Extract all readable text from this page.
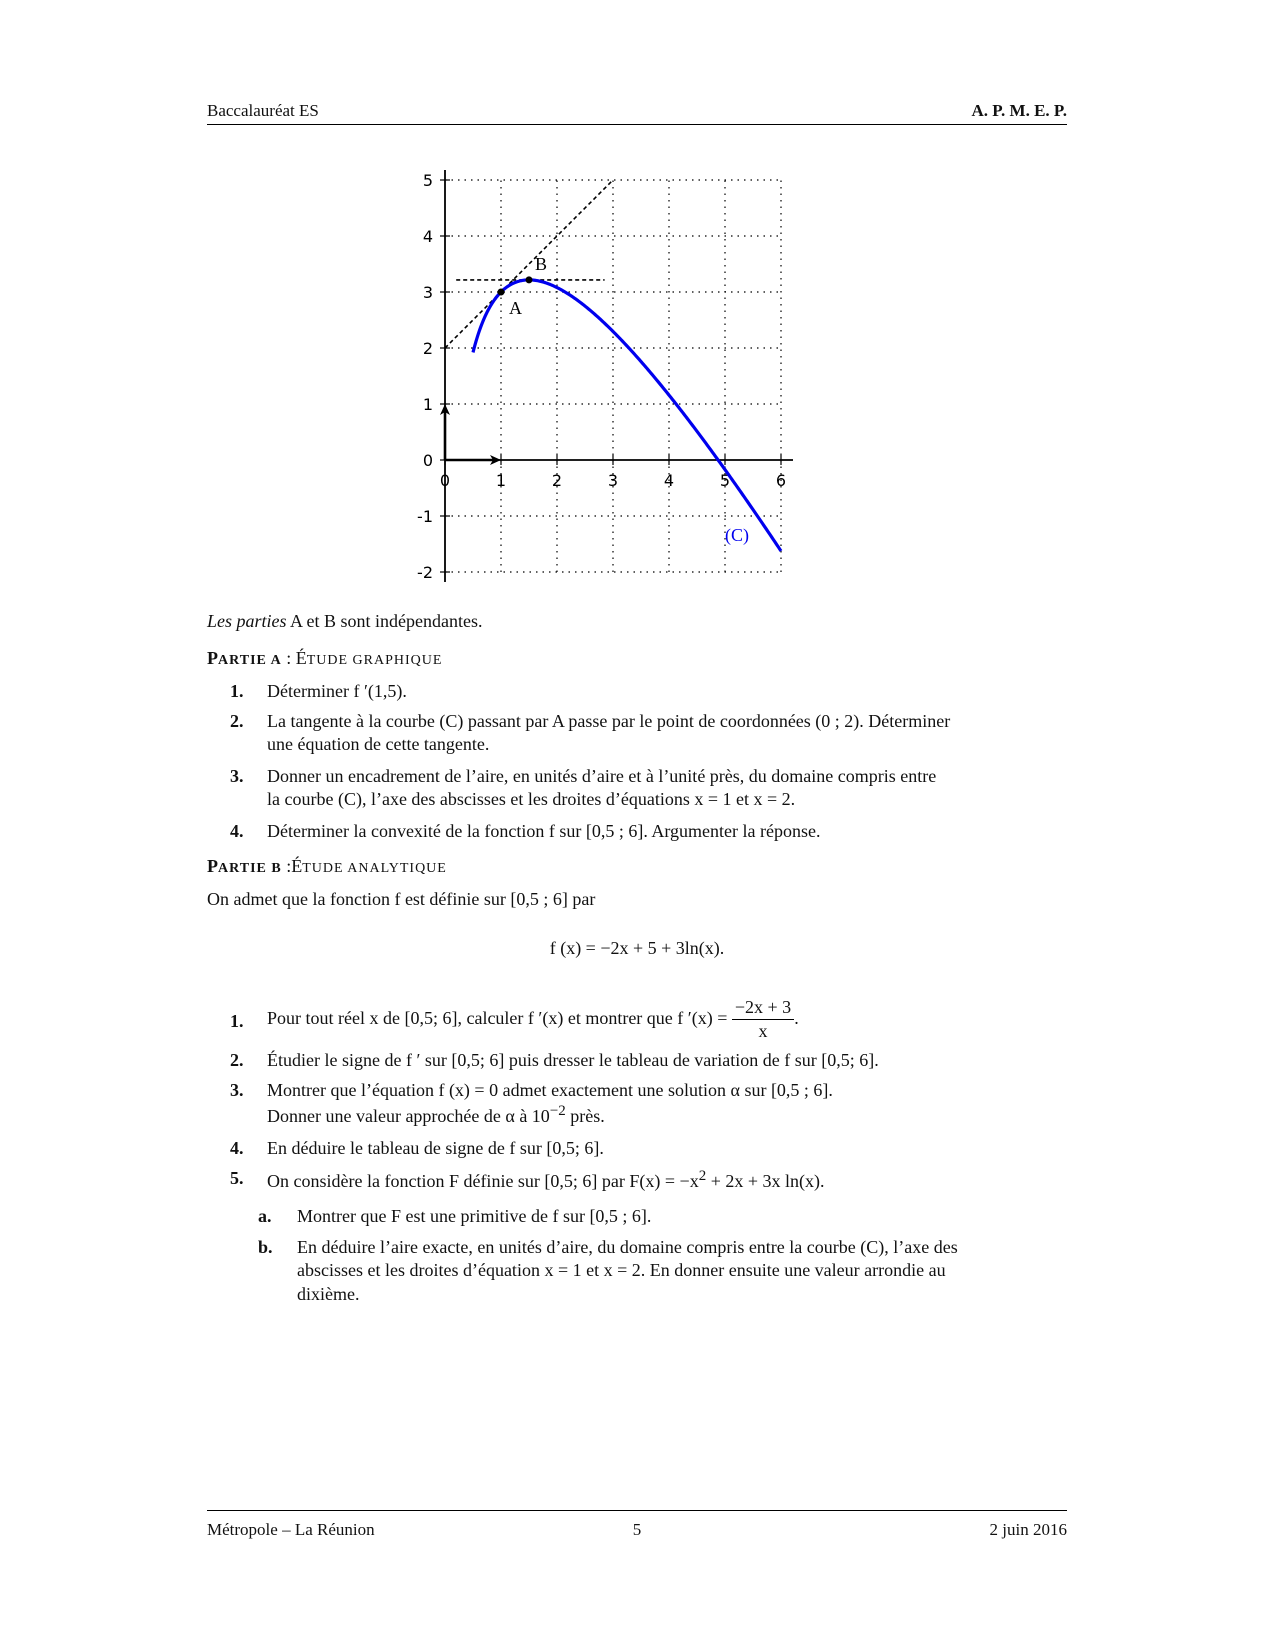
Baccalauréat ES	A. P. M. E. P.
0	1	2	3	4	5	6
-2
-1
0
1
2
3
4
5
A
B
(C)
Les parties A et B sont indépendantes.
PARTIE A : ÉTUDE GRAPHIQUE
1. Déterminer f ′(1,5).
2. La tangente à la courbe (C) passant par A passe par le point de coordonnées (0 ; 2). Déterminer
une équation de cette tangente.
3. Donner un encadrement de l’aire, en unités d’aire et à l’unité près, du domaine compris entre
la courbe (C), l’axe des abscisses et les droites d’équations x = 1 et x = 2.
4. Déterminer la convexité de la fonction f sur [0,5 ; 6]. Argumenter la réponse.
PARTIE B :ÉTUDE ANALYTIQUE
On admet que la fonction f est définie sur [0,5 ; 6] par
f (x) = −2x + 5 + 3ln(x).
1. Pour tout réel x de [0,5; 6], calculer f ′(x) et montrer que f $'(x) = \frac{-2x + 3}{x}$ .
2. Étudier le signe de f ′ sur [0,5; 6] puis dresser le tableau de variation de f sur [0,5; 6].
3. Montrer que l’équation f (x) = 0 admet exactement une solution α sur [0,5 ; 6].
Donner une valeur approchée de α à $10^{-2}$ près.
4. En déduire le tableau de signe de f sur [0,5; 6].
5. On considère la fonction F définie sur [0,5; 6] par $F(x) = -x^2 + 2x + 3x$ ln(x).
a. Montrer que F est une primitive de f sur [0,5 ; 6].
b. En déduire l’aire exacte, en unités d’aire, du domaine compris entre la courbe (C), l’axe des
abscisses et les droites d’équation x = 1 et x = 2. En donner ensuite une valeur arrondie au
dixième.
Métropole – La Réunion	5	2 juin 2016
